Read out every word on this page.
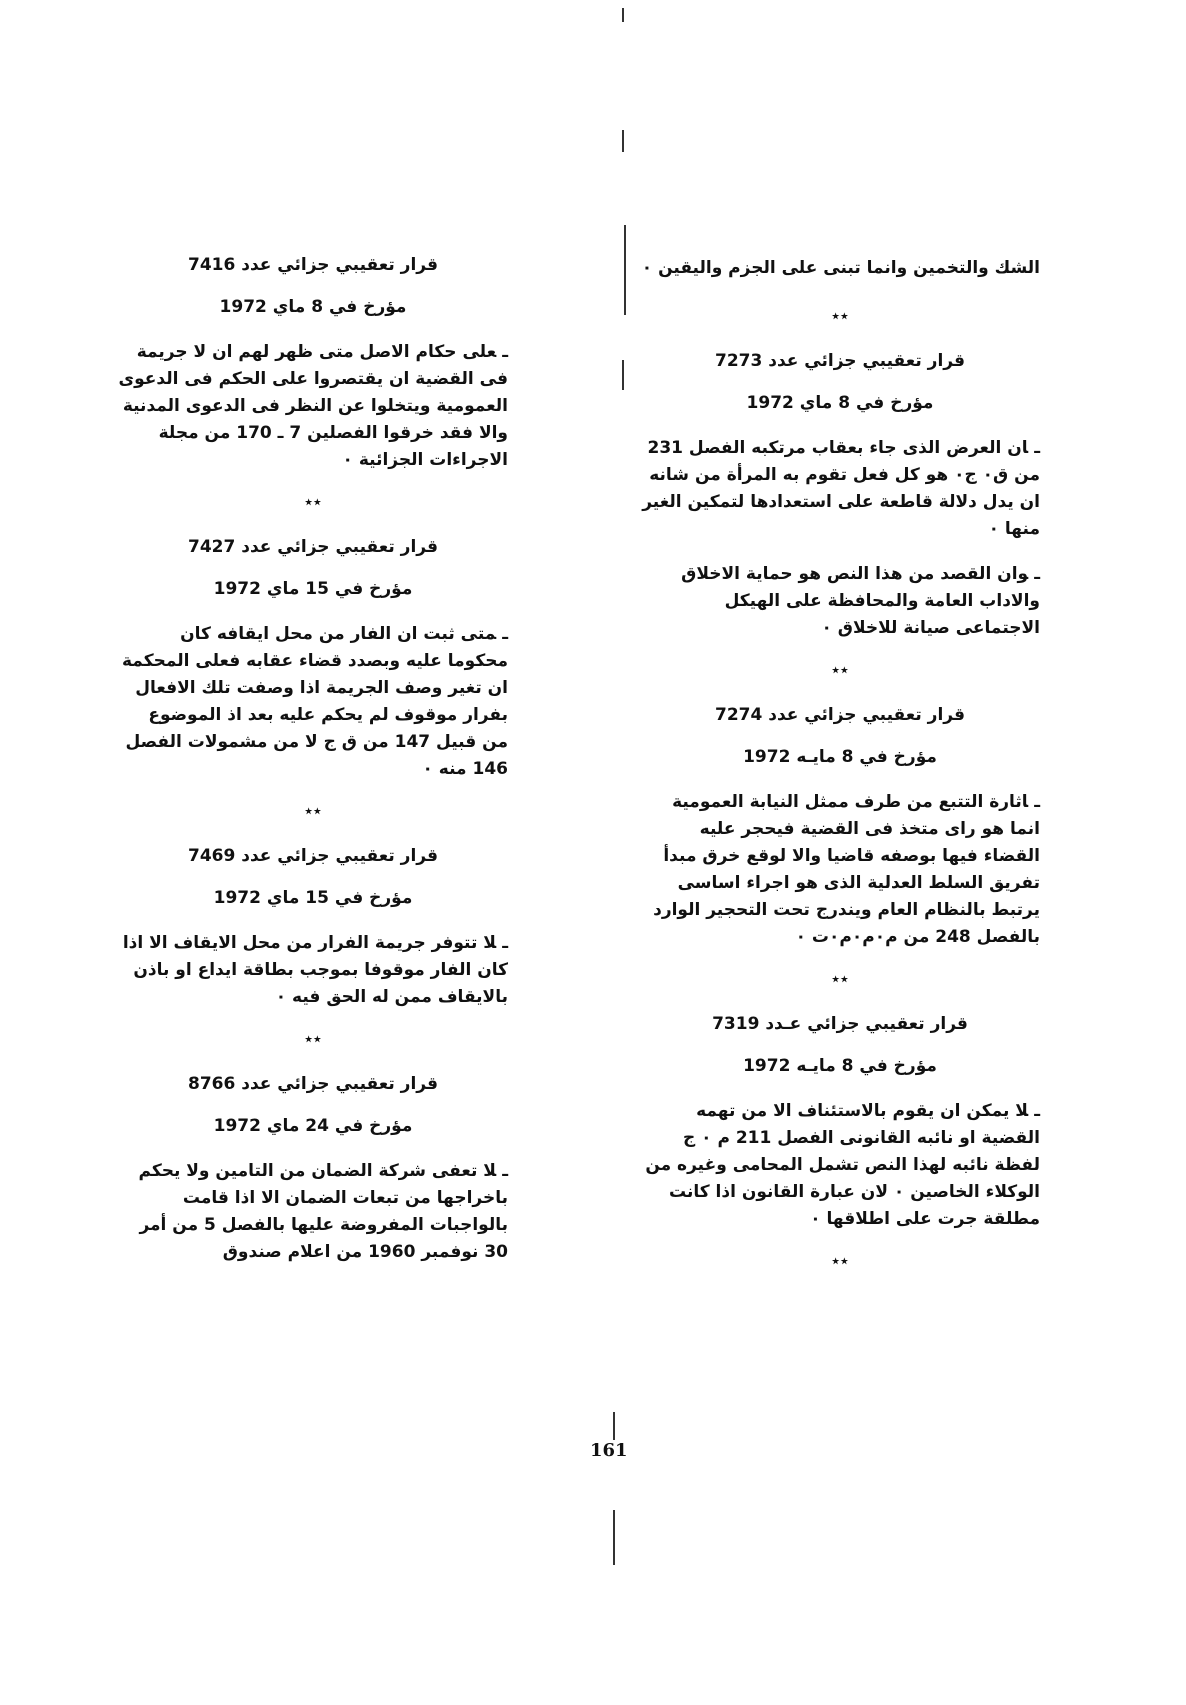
الشك والتخمين وانما تبنى على الجزم واليقين ٠
٭٭
قرار تعقيبي جزائي عدد 7273
مؤرخ في 8 ماي 1972
ـان العرض الذى جاء بعقاب مرتكبه الفصل 231 من ق٠ ج٠ هو كل فعل تقوم به المرأة من شانه ان يدل دلالة قاطعة على استعدادها لتمكين الغير منها ٠
ـوان القصد من هذا النص هو حماية الاخلاق والاداب العامة والمحافظة على الهيكل الاجتماعى صيانة للاخلاق ٠
٭٭
قرار تعقيبي جزائي عدد 7274
مؤرخ في 8 مايـه 1972
ـاثارة التتبع من طرف ممثل النيابة العمومية انما هو راى متخذ فى القضية فيحجر عليه القضاء فيها بوصفه قاضيا والا لوقع خرق مبدأ تفريق السلط العدلية الذى هو اجراء اساسى يرتبط بالنظام العام ويندرج تحت التحجير الوارد بالفصل 248 من م٠م٠م٠ت ٠
٭٭
قرار تعقيبي جزائي عـدد 7319
مؤرخ في 8 مايـه 1972
ـلا يمكن ان يقوم بالاستئناف الا من تهمه القضية او نائبه القانونى الفصل 211 م ٠ ج لفظة نائبه لهذا النص تشمل المحامى وغيره من الوكلاء الخاصين ٠ لان عبارة القانون اذا كانت مطلقة جرت على اطلاقها ٠
٭٭
قرار تعقيبي جزائي عدد 7416
مؤرخ في 8 ماي 1972
ـعلى حكام الاصل متى ظهر لهم ان لا جريمة فى القضية ان يقتصروا على الحكم فى الدعوى العمومية ويتخلوا عن النظر فى الدعوى المدنية والا فقد خرقوا الفصلين 7 ـ 170 من مجلة الاجراءات الجزائية ٠
٭٭
قرار تعقيبي جزائي عدد 7427
مؤرخ في 15 ماي 1972
ـمتى ثبت ان الفار من محل ايقافه كان محكوما عليه وبصدد قضاء عقابه فعلى المحكمة ان تغير وصف الجريمة اذا وصفت تلك الافعال بفرار موقوف لم يحكم عليه بعد اذ الموضوع من قبيل 147 من ق ج لا من مشمولات الفصل 146 منه ٠
٭٭
قرار تعقيبي جزائي عدد 7469
مؤرخ في 15 ماي 1972
ـلا تتوفر جريمة الفرار من محل الايقاف الا اذا كان الفار موقوفا بموجب بطاقة ايداع او باذن بالايقاف ممن له الحق فيه ٠
٭٭
قرار تعقيبي جزائي عدد 8766
مؤرخ في 24 ماي 1972
ـلا تعفى شركة الضمان من التامين ولا يحكم باخراجها من تبعات الضمان الا اذا قامت بالواجبات المفروضة عليها بالفصل 5 من أمر 30 نوفمبر 1960 من اعلام صندوق
161
